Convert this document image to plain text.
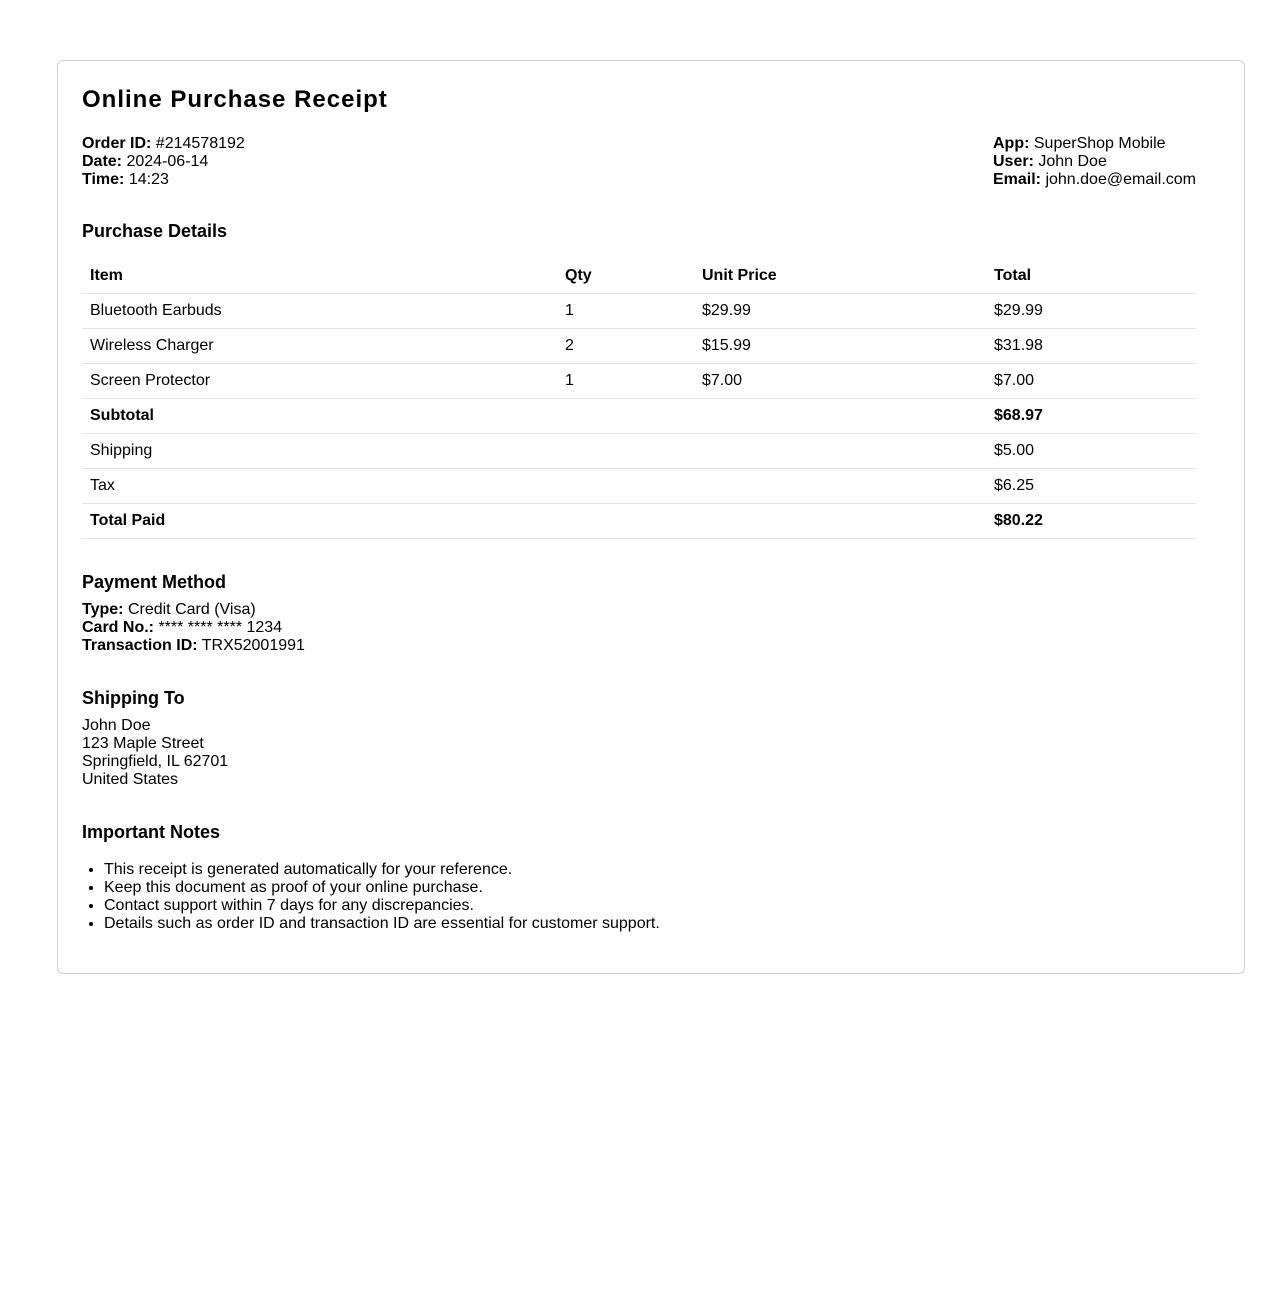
Online Purchase Receipt
Order ID: #214578192
Date: 2024-06-14
Time: 14:23
App: SuperShop Mobile
User: John Doe
Email: john.doe@email.com
Purchase Details
Item	Qty	Unit Price	Total
Bluetooth Earbuds	1	$29.99	$29.99
Wireless Charger	2	$15.99	$31.98
Screen Protector	1	$7.00	$7.00
Subtotal			$68.97
Shipping			$5.00
Tax			$6.25
Total Paid			$80.22
Payment Method
Type: Credit Card (Visa)
Card No.: **** **** **** 1234
Transaction ID: TRX52001991
Shipping To
John Doe
123 Maple Street
Springfield, IL 62701
United States
Important Notes
• This receipt is generated automatically for your reference.
• Keep this document as proof of your online purchase.
• Contact support within 7 days for any discrepancies.
• Details such as order ID and transaction ID are essential for customer support.
